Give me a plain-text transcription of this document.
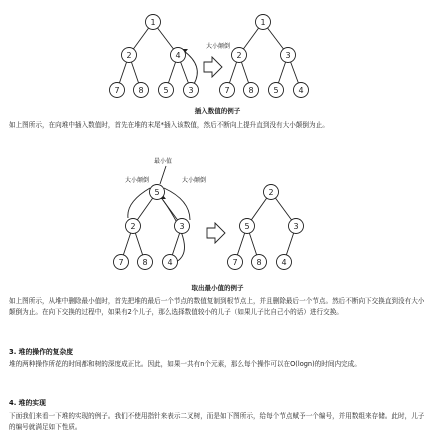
1
2	4
7 8 5 3
1
2	3
7 8 5 4
大小颠倒
插入数值的例子

如上图所示，在向堆中插入数值时，首先在堆的末尾*插入该数值，然后不断向上提升直到没有大小颠倒为止。

最小值
大小颠倒	大小颠倒
5
2	3
7 8 4
2
5	3
7 8 4
取出最小值的例子

如上图所示，从堆中删除最小值时，首先把堆的最后一个节点的数值复制到根节点上，并且删除最后一个节点。然后不断向下交换直到没有大小颠倒为止。在向下交换的过程中，如果有2个儿子，那么选择数值较小的儿子（如果儿子比自己小的话）进行交换。

3. 堆的操作的复杂度

堆的两种操作所花的时间都和树的深度成正比。因此，如果一共有n个元素，那么每个操作可以在O(logn)的时间内完成。

4. 堆的实现

下面我们来看一下堆的实现的例子。我们不使用指针来表示二叉树，而是如下图所示，给每个节点赋予一个编号，并用数组来存储。此时，儿子的编号就满足如下性质。
